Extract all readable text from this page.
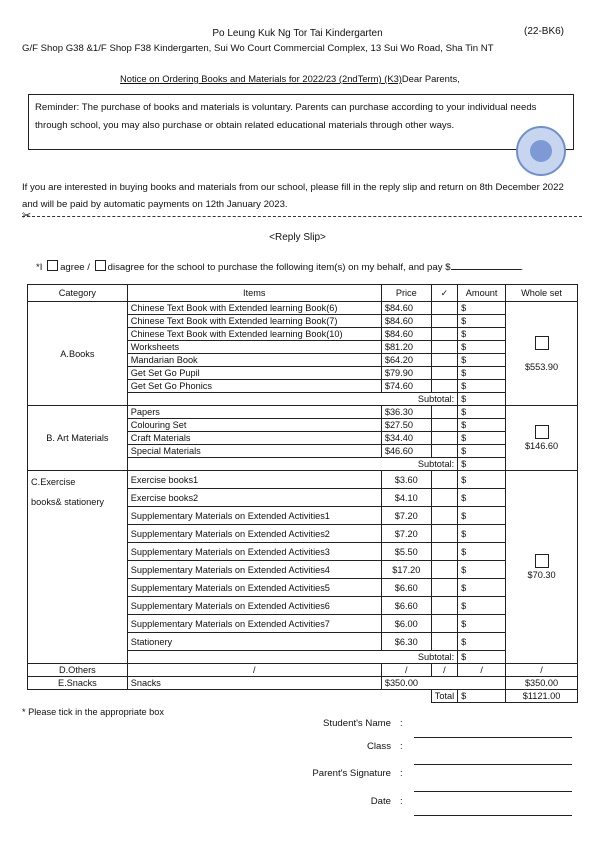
Po Leung Kuk Ng Tor Tai Kindergarten	(22-BK6)
G/F Shop G38 &1/F Shop F38 Kindergarten, Sui Wo Court Commercial Complex, 13 Sui Wo Road, Sha Tin NT
Notice on Ordering Books and Materials for 2022/23 (2ndTerm) (K3)Dear Parents,
Reminder: The purchase of books and materials is voluntary. Parents can purchase according to your individual needs through school, you may also purchase or obtain related educational materials through other ways.
If you are interested in buying books and materials from our school, please fill in the reply slip and return on 8th December 2022 and will be paid by automatic payments on 12th January 2023.
✂
<Reply Slip>
*I agree / disagree for the school to purchase the following item(s) on my behalf, and pay $	.
Category	Items	Price	✓	Amount	Whole set
A.Books	Chinese Text Book with Extended learning Book(6)	$84.60		$	$553.90
	Chinese Text Book with Extended learning Book(7)	$84.60		$	
	Chinese Text Book with Extended learning Book(10)	$84.60		$	
	Worksheets	$81.20		$	
	Mandarian Book	$64.20		$	
	Get Set Go Pupil	$79.90		$	
	Get Set Go Phonics	$74.60		$	
	Subtotal:			$	
B. Art Materials	Papers	$36.30		$	$146.60
	Colouring Set	$27.50		$	
	Craft Materials	$34.40		$	
	Special Materials	$46.60		$	
	Subtotal:			$	

C.Exercise

books& stationery	Exercise books1	$3.60		$	$70.30
	Exercise books2	$4.10		$	
	Supplementary Materials on Extended Activities1	$7.20		$	
	Supplementary Materials on Extended Activities2	$7.20		$	
	Supplementary Materials on Extended Activities3	$5.50		$	
	Supplementary Materials on Extended Activities4	$17.20		$	
	Supplementary Materials on Extended Activities5	$6.60		$	
	Supplementary Materials on Extended Activities6	$6.60		$	
	Supplementary Materials on Extended Activities7	$6.00		$	
	Stationery	$6.30		$	
	Subtotal:			$	
D.Others	/	/	/	/	/
E.Snacks	Snacks	$350.00			$350.00
			Total	$	$1121.00
* Please tick in the appropriate box
Student's Name :
Class :
Parent's Signature :
Date :
